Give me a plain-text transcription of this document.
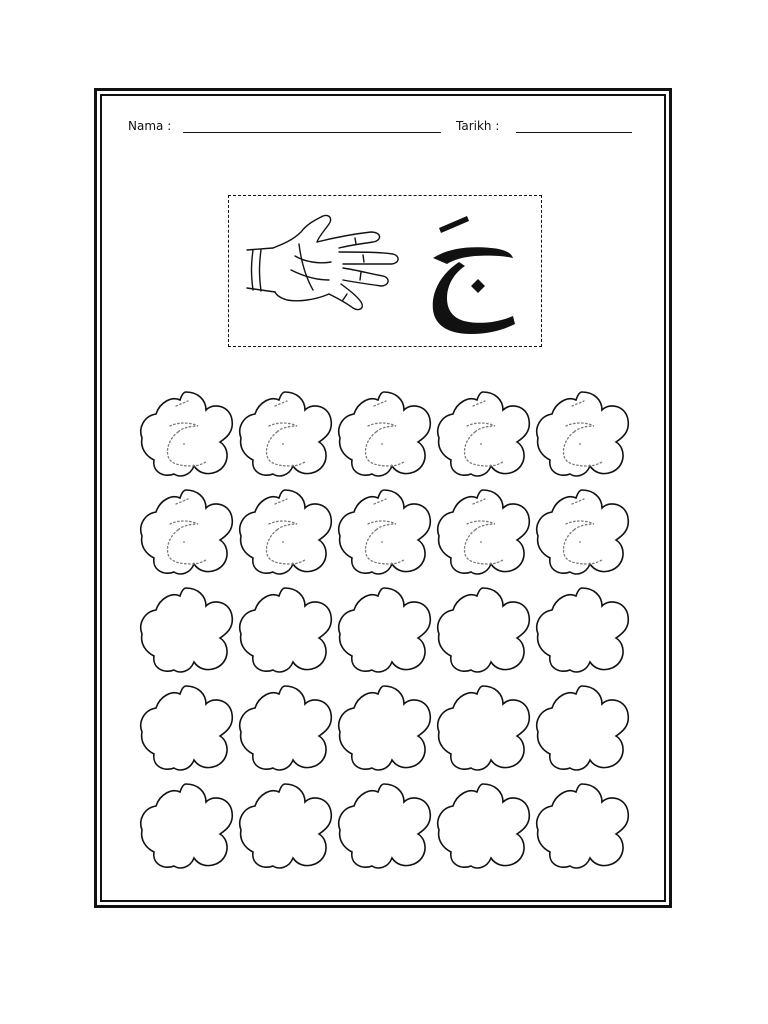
Nama :	Tarikh :
